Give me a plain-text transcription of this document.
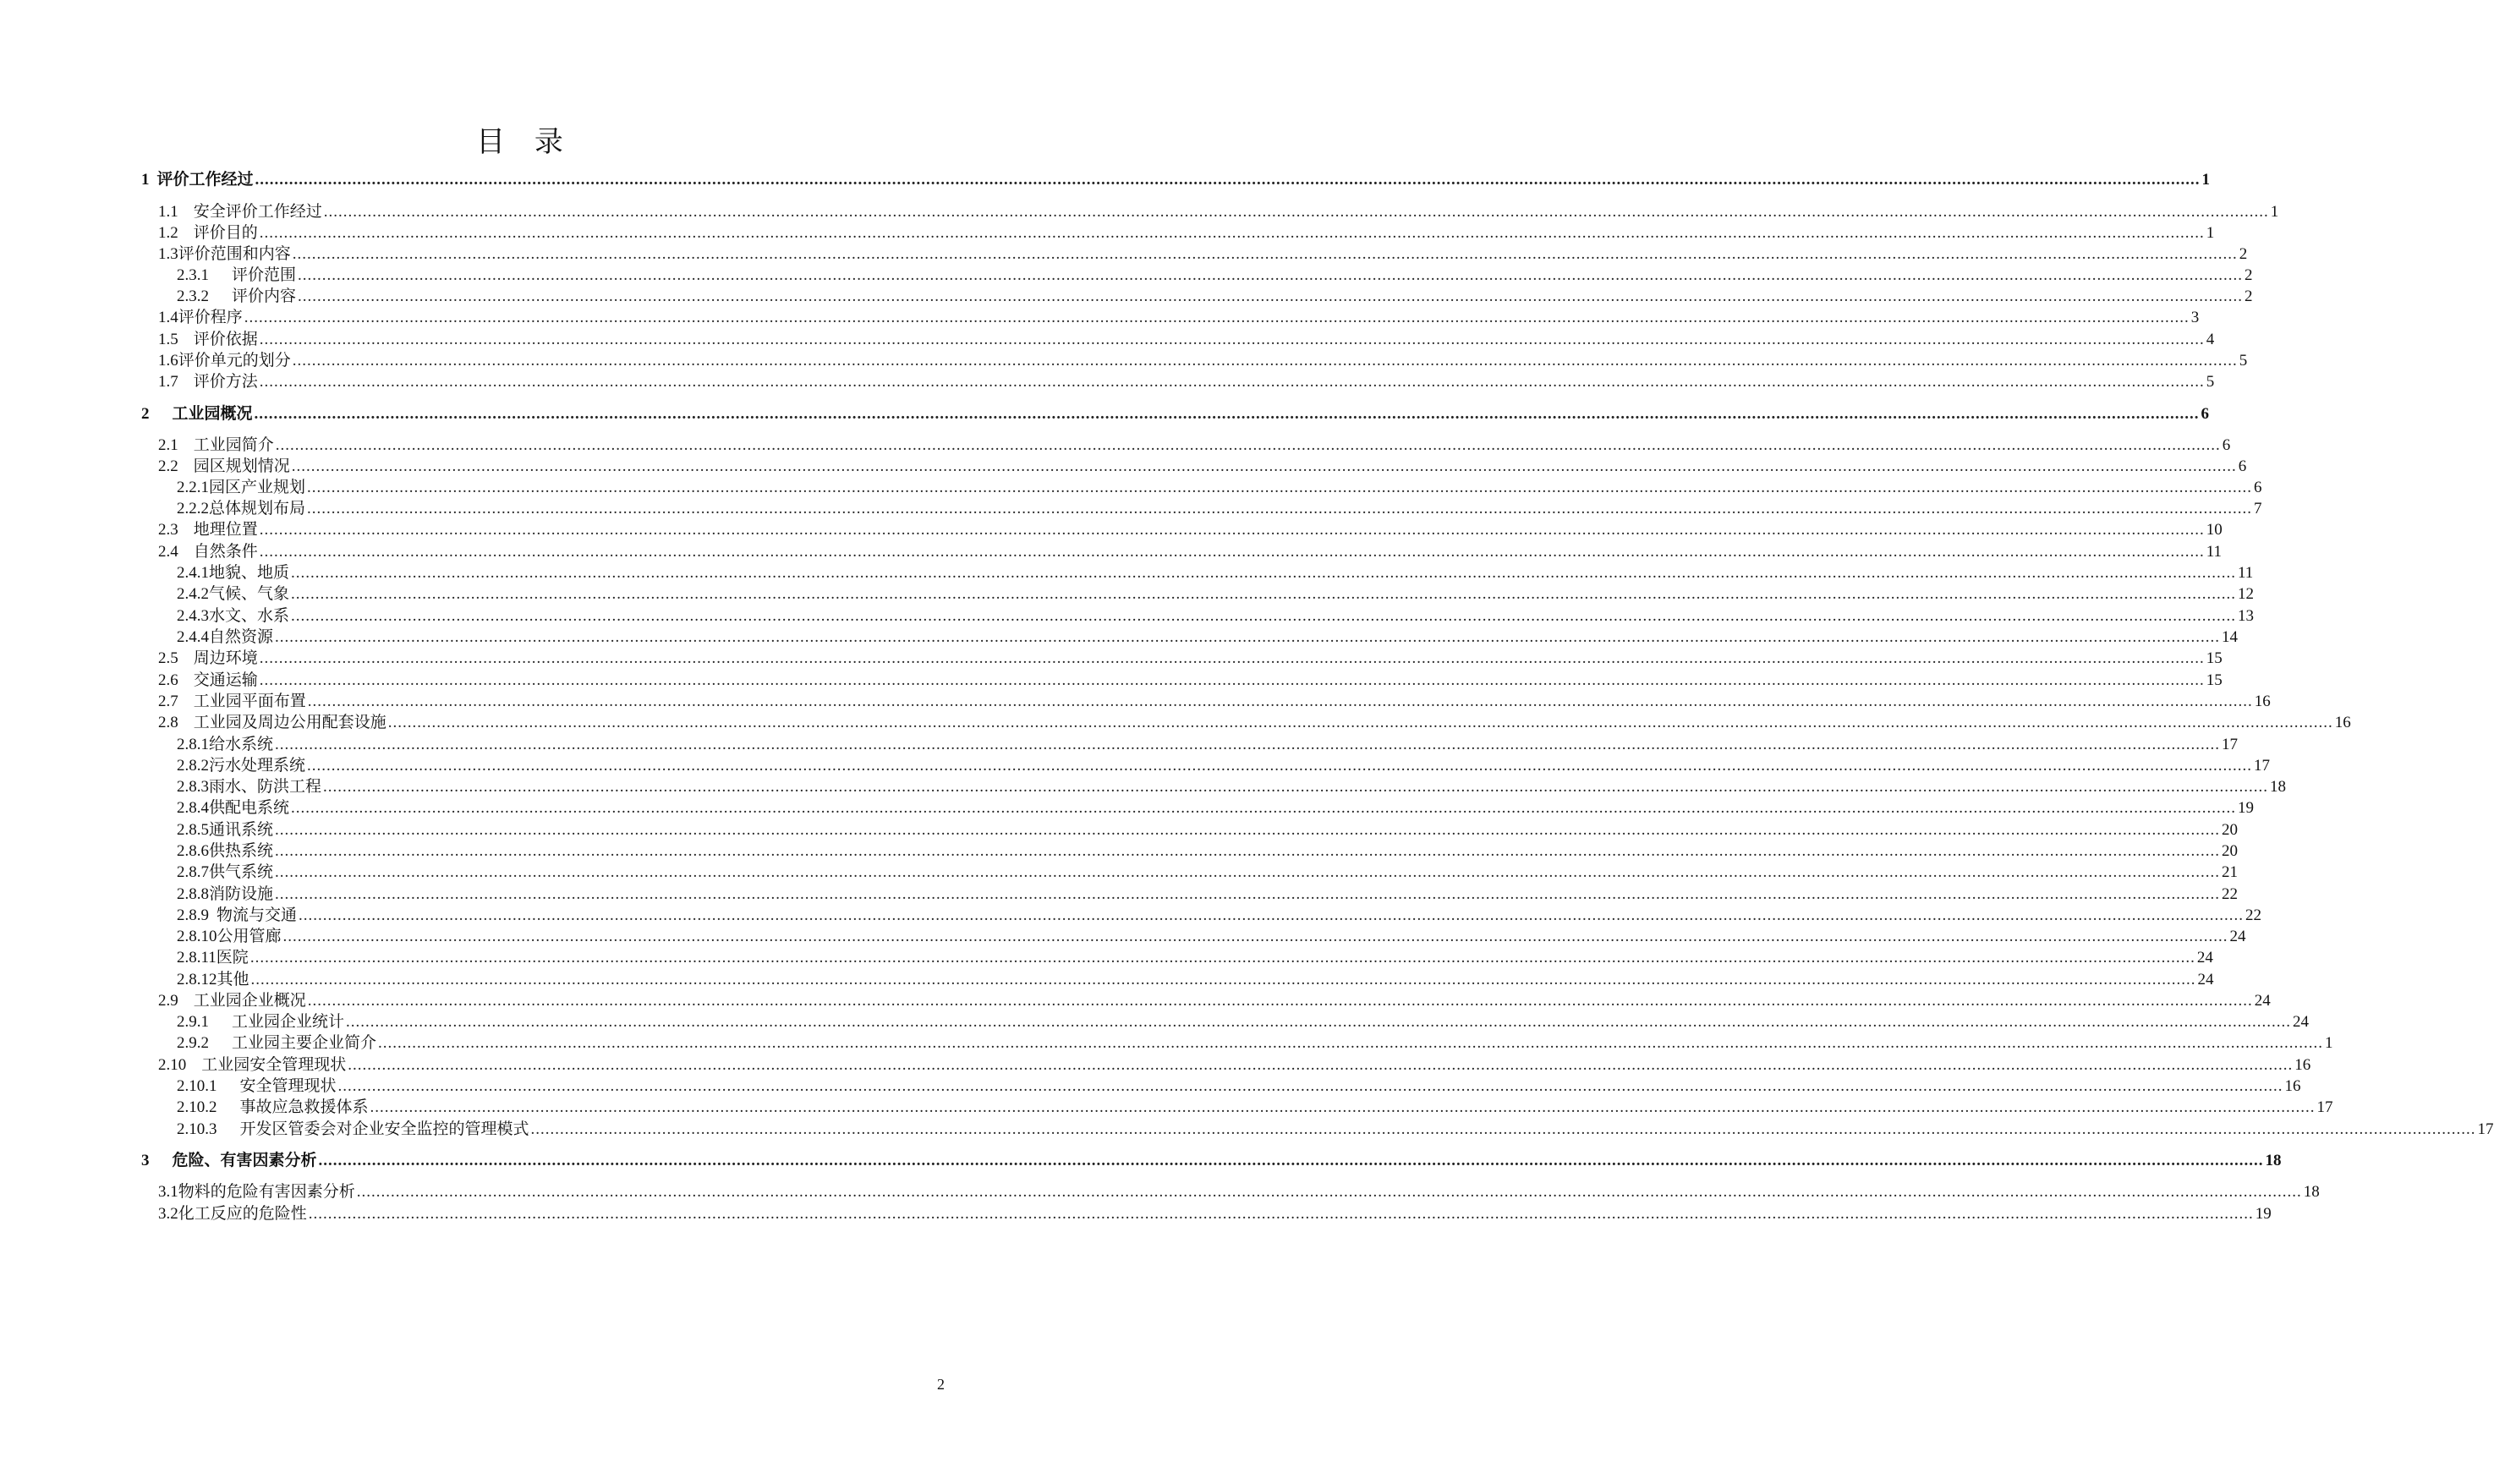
目 录
1 评价工作经过 ................................................................................................................................................................................................................................................................................................................................................................................................................ 1
1.1 安全评价工作经过 ................................................................................................................................................................................................................................................................................................................................................................................................................ 1
1.2 评价目的 ................................................................................................................................................................................................................................................................................................................................................................................................................ 1
1.3 评价范围和内容 ................................................................................................................................................................................................................................................................................................................................................................................................................ 2
2.3.1 评价范围 ................................................................................................................................................................................................................................................................................................................................................................................................................ 2
2.3.2 评价内容 ................................................................................................................................................................................................................................................................................................................................................................................................................ 2
1.4 评价程序 ................................................................................................................................................................................................................................................................................................................................................................................................................ 3
1.5 评价依据 ................................................................................................................................................................................................................................................................................................................................................................................................................ 4
1.6 评价单元的划分 ................................................................................................................................................................................................................................................................................................................................................................................................................ 5
1.7 评价方法 ................................................................................................................................................................................................................................................................................................................................................................................................................ 5
2 工业园概况 ................................................................................................................................................................................................................................................................................................................................................................................................................ 6
2.1 工业园简介 ................................................................................................................................................................................................................................................................................................................................................................................................................ 6
2.2 园区规划情况 ................................................................................................................................................................................................................................................................................................................................................................................................................ 6
2.2.1 园区产业规划 ................................................................................................................................................................................................................................................................................................................................................................................................................ 6
2.2.2 总体规划布局 ................................................................................................................................................................................................................................................................................................................................................................................................................ 7
2.3 地理位置 ................................................................................................................................................................................................................................................................................................................................................................................................................ 10
2.4 自然条件 ................................................................................................................................................................................................................................................................................................................................................................................................................ 11
2.4.1 地貌、地质 ................................................................................................................................................................................................................................................................................................................................................................................................................ 11
2.4.2 气候、气象 ................................................................................................................................................................................................................................................................................................................................................................................................................ 12
2.4.3 水文、水系 ................................................................................................................................................................................................................................................................................................................................................................................................................ 13
2.4.4 自然资源 ................................................................................................................................................................................................................................................................................................................................................................................................................ 14
2.5 周边环境 ................................................................................................................................................................................................................................................................................................................................................................................................................ 15
2.6 交通运输 ................................................................................................................................................................................................................................................................................................................................................................................................................ 15
2.7 工业园平面布置 ................................................................................................................................................................................................................................................................................................................................................................................................................ 16
2.8 工业园及周边公用配套设施 ................................................................................................................................................................................................................................................................................................................................................................................................................ 16
2.8.1 给水系统 ................................................................................................................................................................................................................................................................................................................................................................................................................ 17
2.8.2 污水处理系统 ................................................................................................................................................................................................................................................................................................................................................................................................................ 17
2.8.3 雨水、防洪工程 ................................................................................................................................................................................................................................................................................................................................................................................................................ 18
2.8.4 供配电系统 ................................................................................................................................................................................................................................................................................................................................................................................................................ 19
2.8.5 通讯系统 ................................................................................................................................................................................................................................................................................................................................................................................................................ 20
2.8.6 供热系统 ................................................................................................................................................................................................................................................................................................................................................................................................................ 20
2.8.7 供气系统 ................................................................................................................................................................................................................................................................................................................................................................................................................ 21
2.8.8 消防设施 ................................................................................................................................................................................................................................................................................................................................................................................................................ 22
2.8.9 物流与交通 ................................................................................................................................................................................................................................................................................................................................................................................................................ 22
2.8.10 公用管廊 ................................................................................................................................................................................................................................................................................................................................................................................................................ 24
2.8.11 医院 ................................................................................................................................................................................................................................................................................................................................................................................................................ 24
2.8.12 其他 ................................................................................................................................................................................................................................................................................................................................................................................................................ 24
2.9 工业园企业概况 ................................................................................................................................................................................................................................................................................................................................................................................................................ 24
2.9.1 工业园企业统计 ................................................................................................................................................................................................................................................................................................................................................................................................................ 24
2.9.2 工业园主要企业简介 ................................................................................................................................................................................................................................................................................................................................................................................................................ 1
2.10 工业园安全管理现状 ................................................................................................................................................................................................................................................................................................................................................................................................................ 16
2.10.1 安全管理现状 ................................................................................................................................................................................................................................................................................................................................................................................................................ 16
2.10.2 事故应急救援体系 ................................................................................................................................................................................................................................................................................................................................................................................................................ 17
2.10.3 开发区管委会对企业安全监控的管理模式 ................................................................................................................................................................................................................................................................................................................................................................................................................ 17
3 危险、有害因素分析 ................................................................................................................................................................................................................................................................................................................................................................................................................ 18
3.1 物料的危险有害因素分析 ................................................................................................................................................................................................................................................................................................................................................................................................................ 18
3.2 化工反应的危险性 ................................................................................................................................................................................................................................................................................................................................................................................................................ 19
2
